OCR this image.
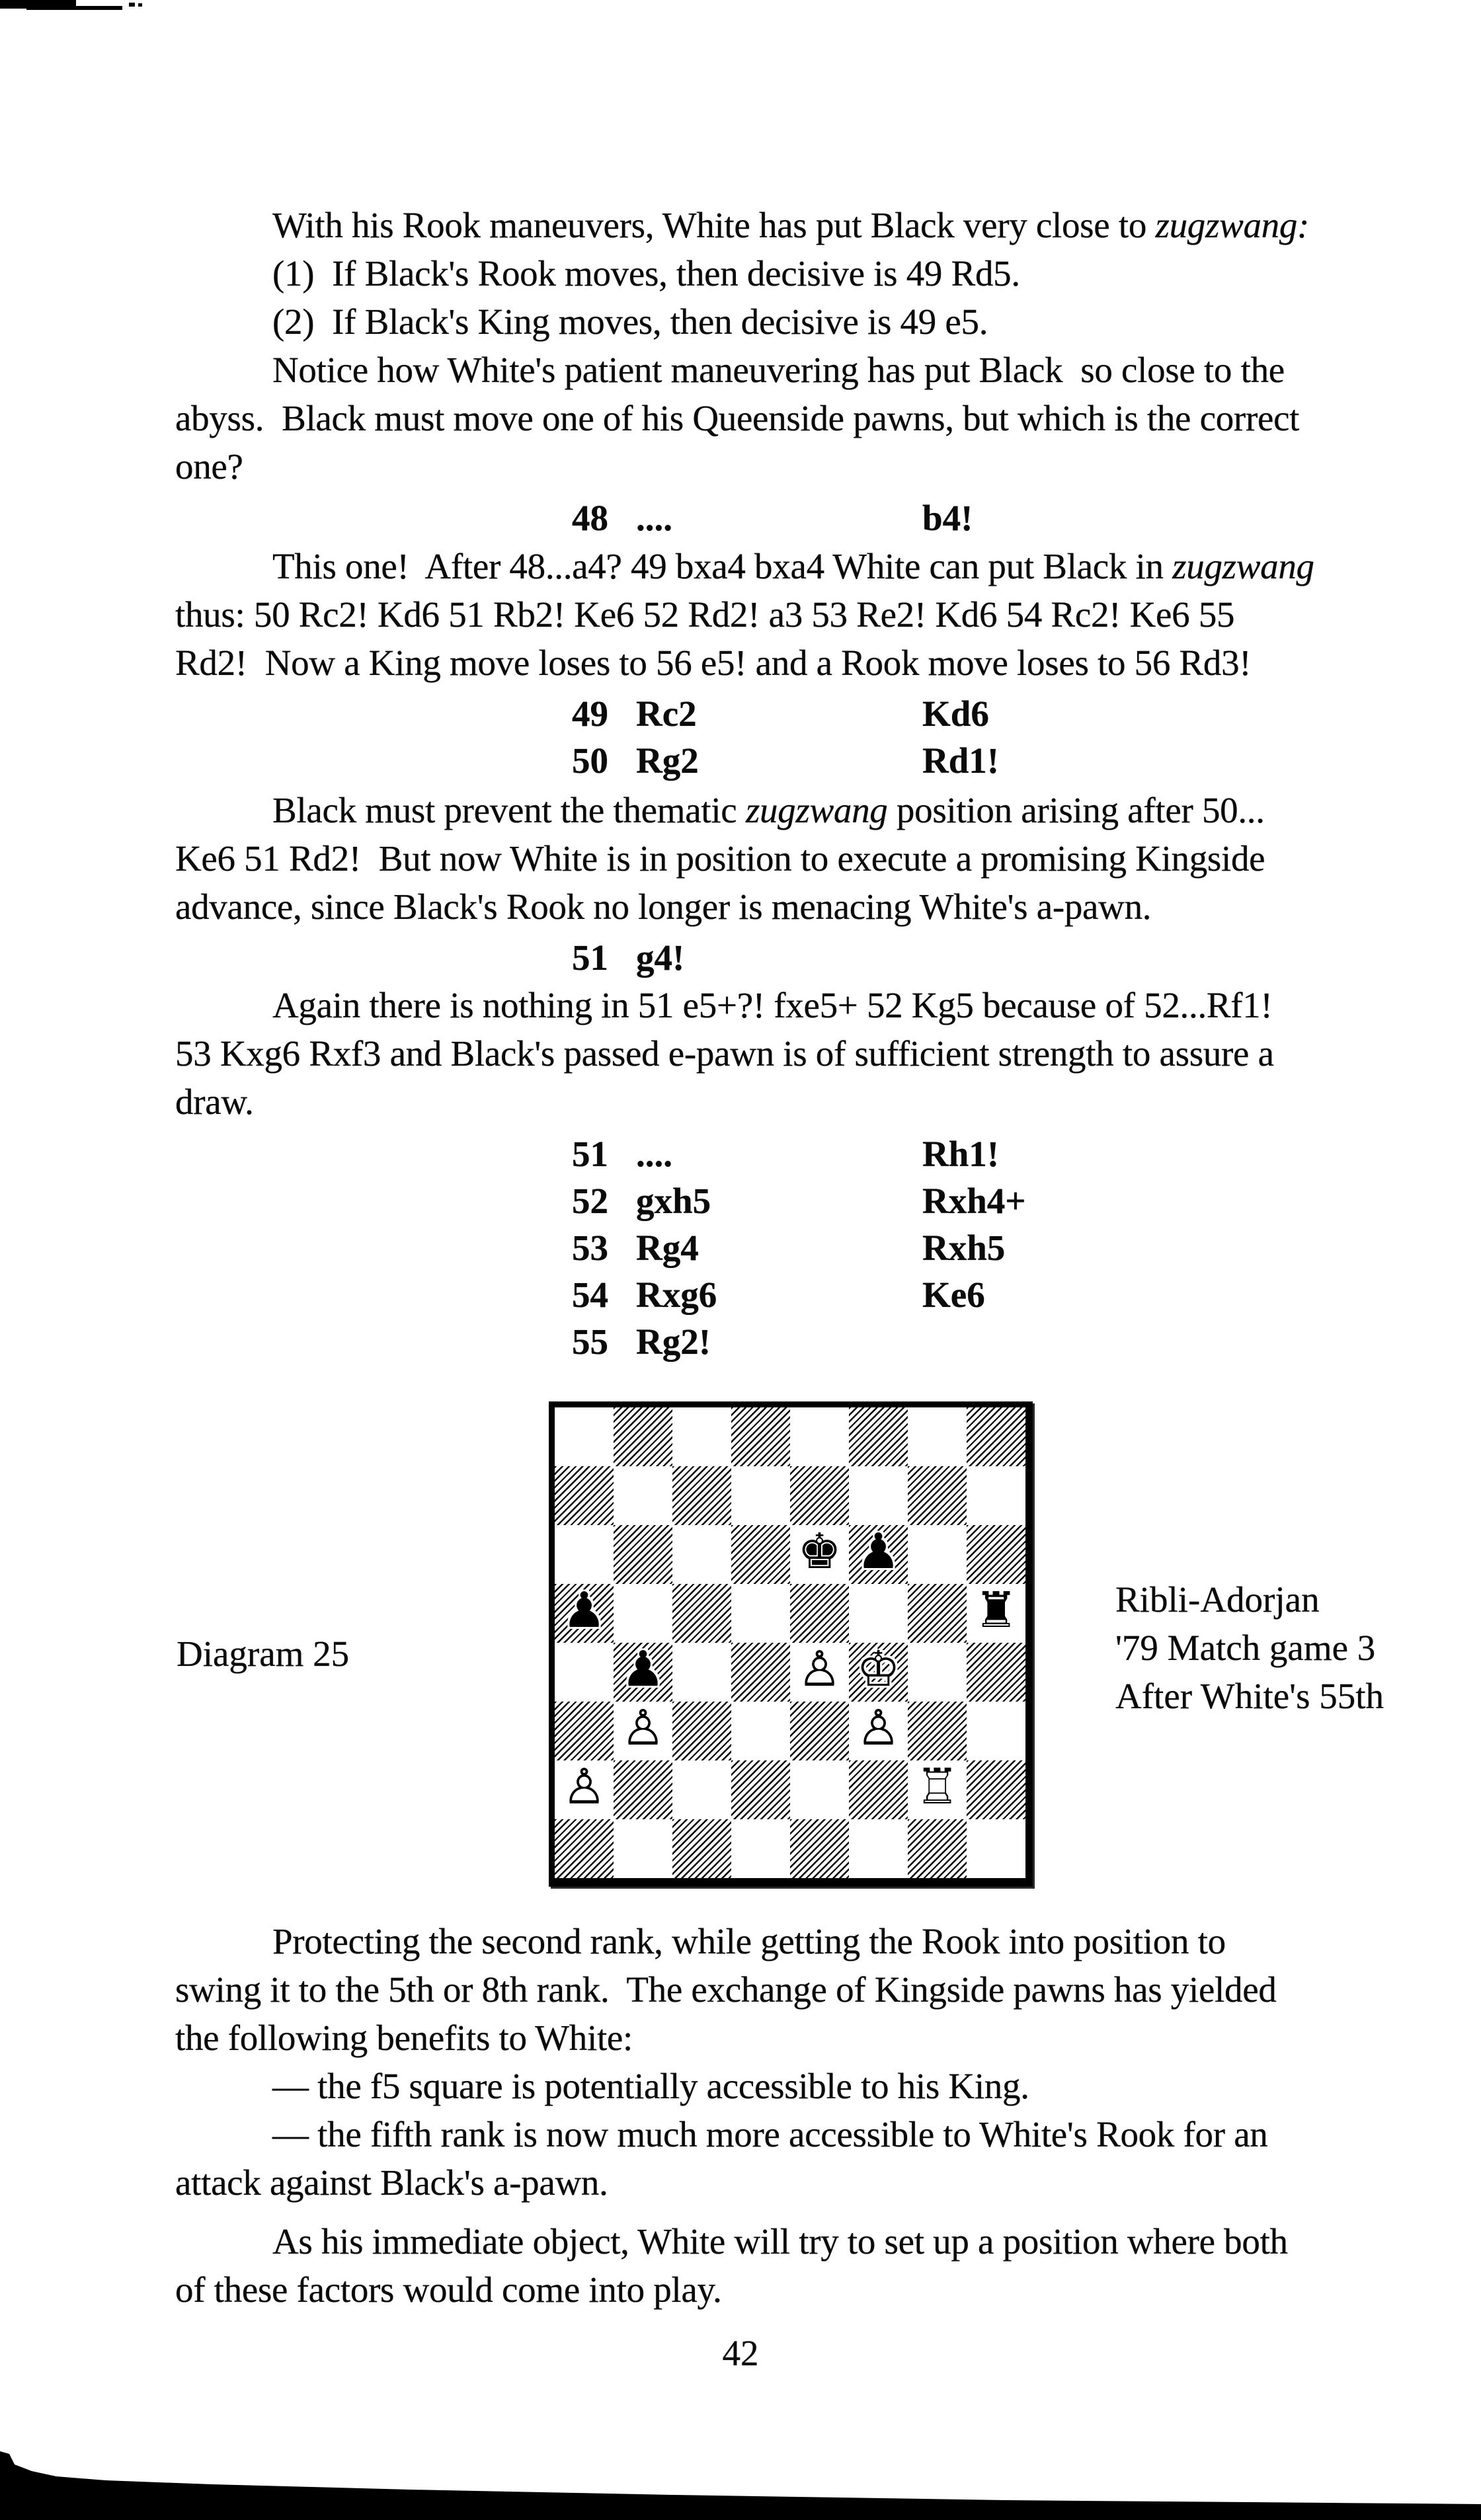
With his Rook maneuvers, White has put Black very close to zugzwang:
(1)  If Black's Rook moves, then decisive is 49 Rd5.
(2)  If Black's King moves, then decisive is 49 e5.
Notice how White's patient maneuvering has put Black  so close to the
abyss.  Black must move one of his Queenside pawns, but which is the correct
one?
48 ....	b4!
This one!  After 48...a4? 49 bxa4 bxa4 White can put Black in zugzwang
thus: 50 Rc2! Kd6 51 Rb2! Ke6 52 Rd2! a3 53 Re2! Kd6 54 Rc2! Ke6 55
Rd2!  Now a King move loses to 56 e5! and a Rook move loses to 56 Rd3!
49 Rc2	Kd6
50 Rg2	Rd1!
Black must prevent the thematic zugzwang position arising after 50...
Ke6 51 Rd2!  But now White is in position to execute a promising Kingside
advance, since Black's Rook no longer is menacing White's a-pawn.
51 g4!
Again there is nothing in 51 e5+?! fxe5+ 52 Kg5 because of 52...Rf1!
53 Kxg6 Rxf3 and Black's passed e-pawn is of sufficient strength to assure a
draw.
51 ....	Rh1!
52 gxh5	Rxh4+
53 Rg4	Rxh5
54 Rxg6	Ke6
55 Rg2!
♚ ♟
♟	♜
♟	♙ ♔
♙	♙
♙	♖
Diagram 25
Ribli-Adorjan
'79 Match game 3
After White's 55th
Protecting the second rank, while getting the Rook into position to
swing it to the 5th or 8th rank.  The exchange of Kingside pawns has yielded
the following benefits to White:
— the f5 square is potentially accessible to his King.
— the fifth rank is now much more accessible to White's Rook for an
attack against Black's a-pawn.
As his immediate object, White will try to set up a position where both
of these factors would come into play.
42
